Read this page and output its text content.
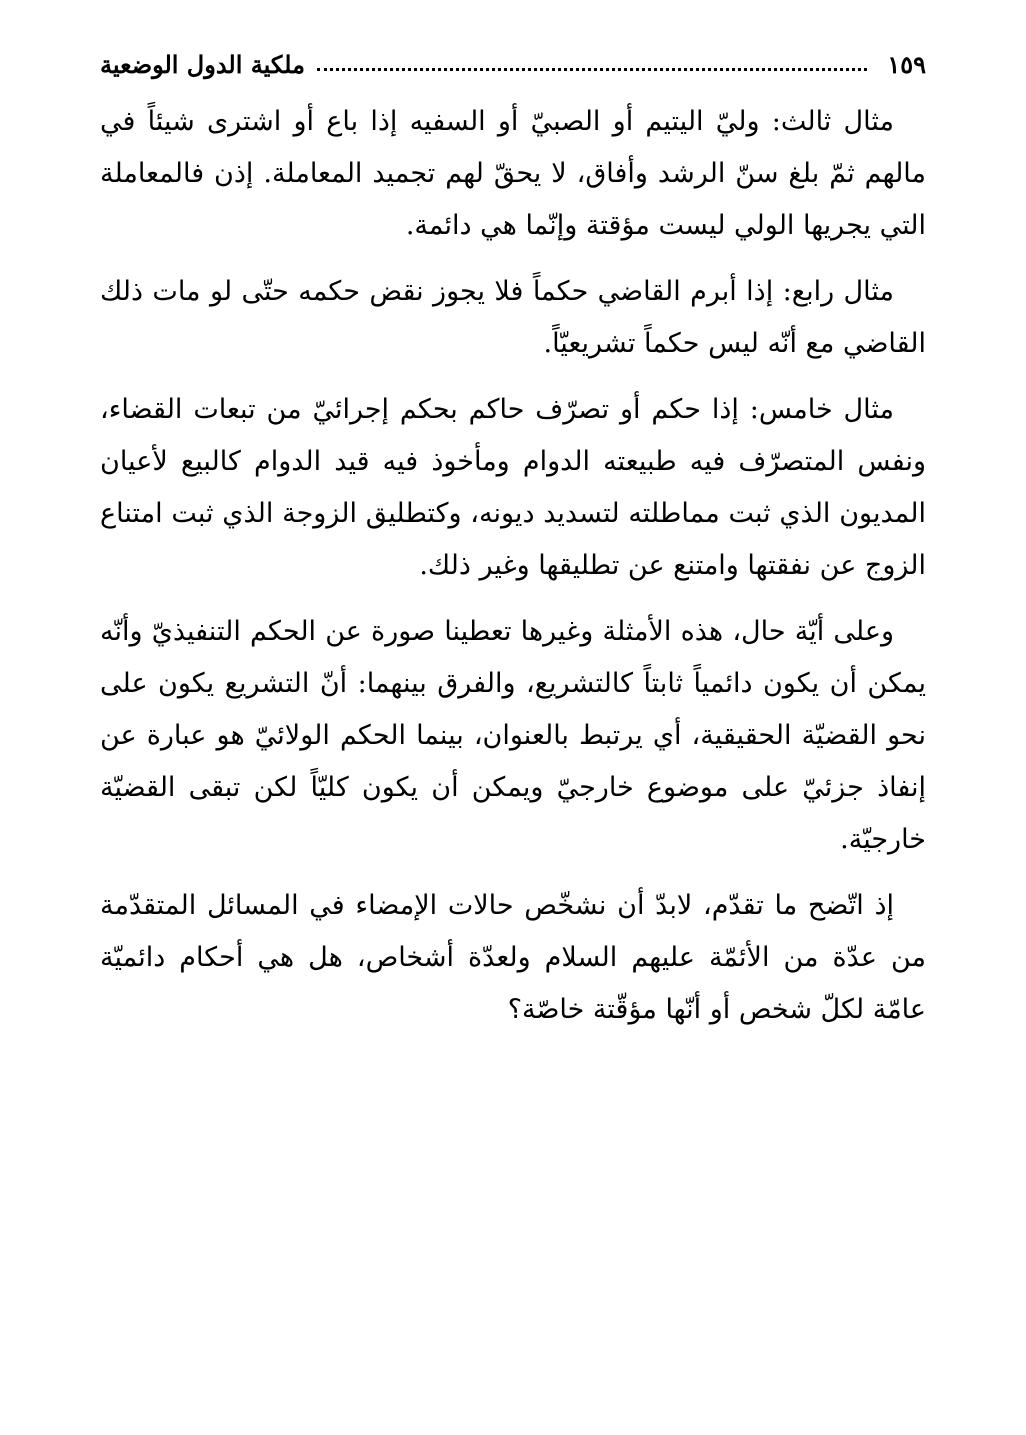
١٥٩
ملكية الدول الوضعية

مثال ثالث: وليّ اليتيم أو الصبيّ أو السفيه إذا باع أو اشترى شيئاً في مالهم ثمّ بلغ سنّ الرشد وأفاق، لا يحقّ لهم تجميد المعاملة. إذن فالمعاملة التي يجريها الولي ليست مؤقتة وإنّما هي دائمة.

مثال رابع: إذا أبرم القاضي حكماً فلا يجوز نقض حكمه حتّى لو مات ذلك القاضي مع أنّه ليس حكماً تشريعيّاً.

مثال خامس: إذا حكم أو تصرّف حاكم بحكم إجرائيّ من تبعات القضاء، ونفس المتصرّف فيه طبيعته الدوام ومأخوذ فيه قيد الدوام كالبيع لأعيان المديون الذي ثبت مماطلته لتسديد ديونه، وكتطليق الزوجة الذي ثبت امتناع الزوج عن نفقتها وامتنع عن تطليقها وغير ذلك.

وعلى أيّة حال، هذه الأمثلة وغيرها تعطينا صورة عن الحكم التنفيذيّ وأنّه يمكن أن يكون دائمياً ثابتاً كالتشريع، والفرق بينهما: أنّ التشريع يكون على نحو القضيّة الحقيقية، أي يرتبط بالعنوان، بينما الحكم الولائيّ هو عبارة عن إنفاذ جزئيّ على موضوع خارجيّ ويمكن أن يكون كليّاً لكن تبقى القضيّة خارجيّة.

إذ اتّضح ما تقدّم، لابدّ أن نشخّص حالات الإمضاء في المسائل المتقدّمة من عدّة من الأئمّة عليهم السلام ولعدّة أشخاص، هل هي أحكام دائميّة عامّة لكلّ شخص أو أنّها مؤقّتة خاصّة؟
